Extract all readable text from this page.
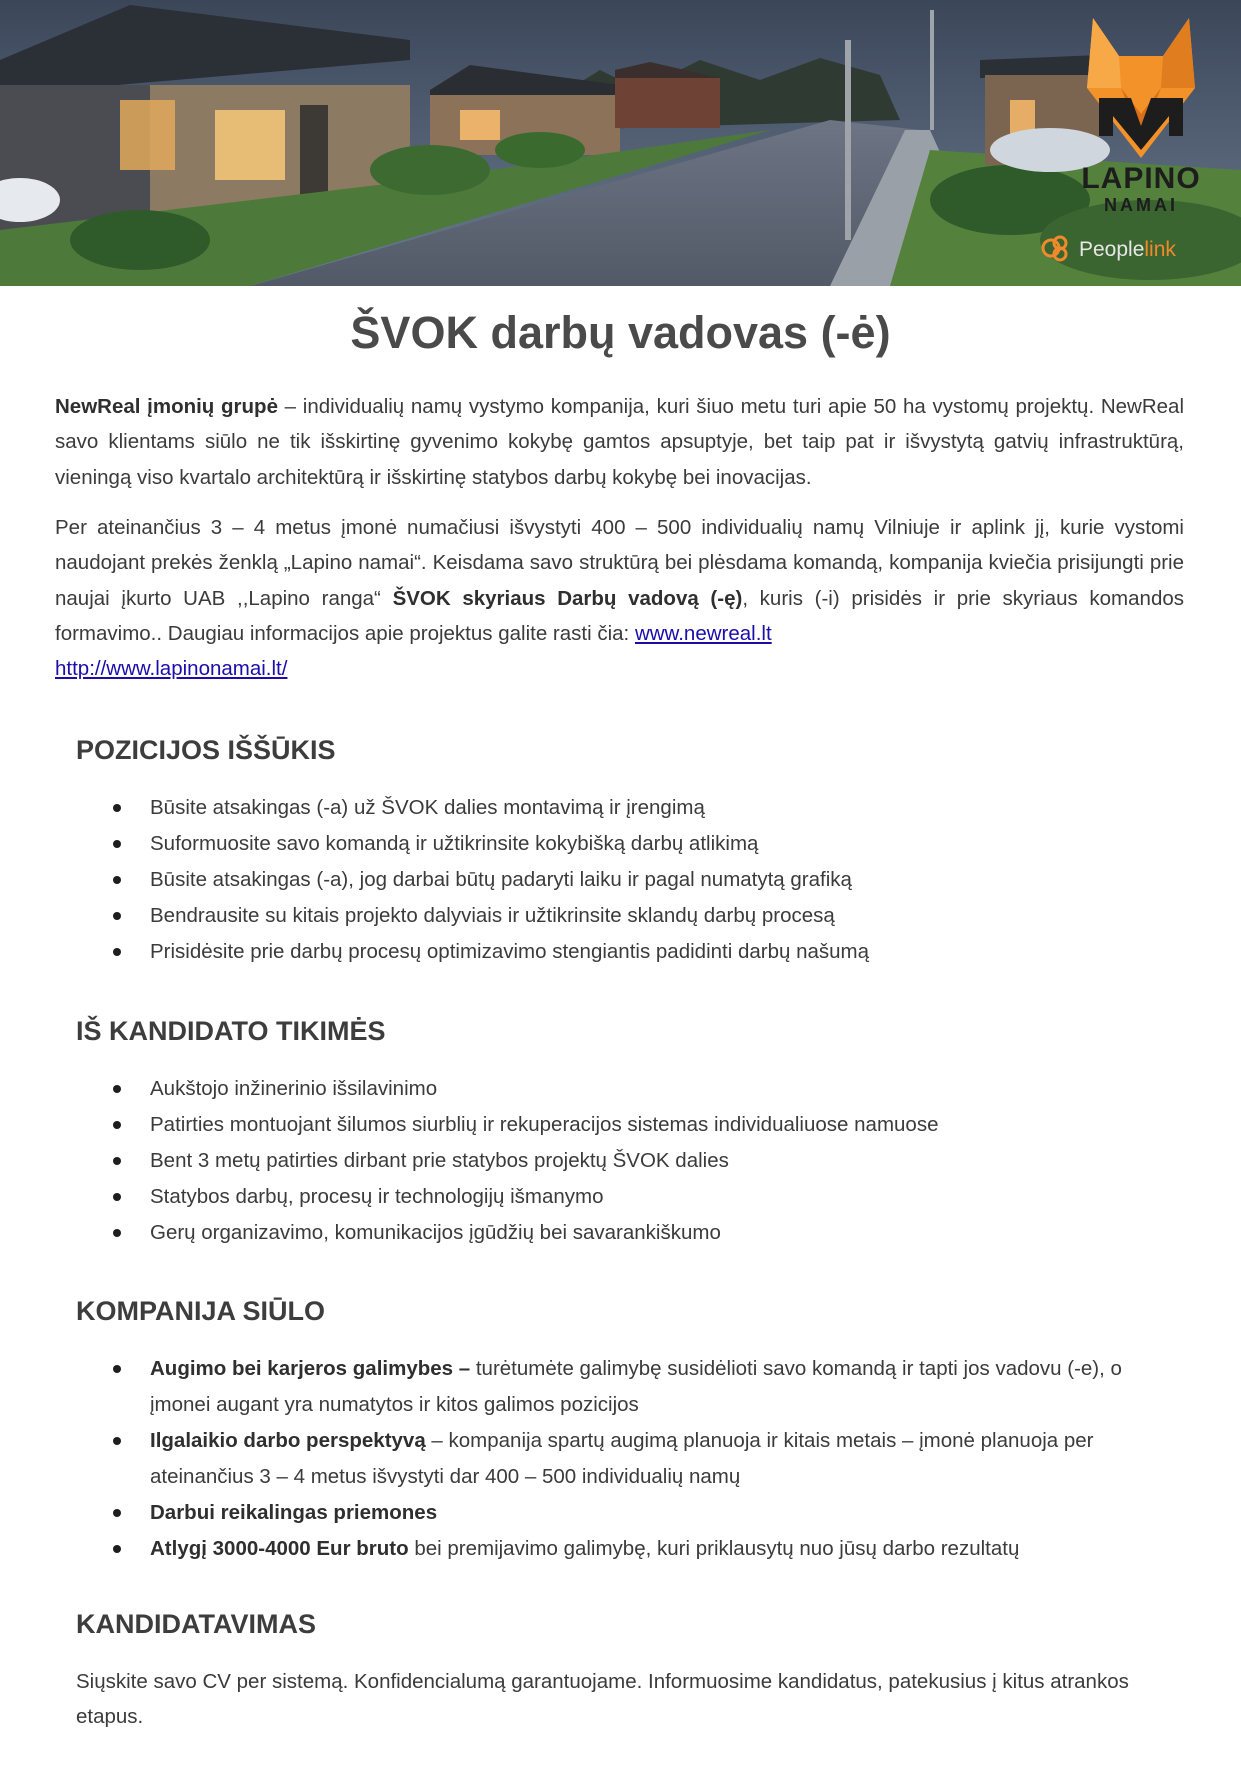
LAPINO
NAMAI
Peoplelink
ŠVOK darbų vadovas (-ė)
NewReal įmonių grupė – individualių namų vystymo kompanija, kuri šiuo metu turi apie 50 ha vystomų projektų. NewReal savo klientams siūlo ne tik išskirtinę gyvenimo kokybę gamtos apsuptyje, bet taip pat ir išvystytą gatvių infrastruktūrą, vieningą viso kvartalo architektūrą ir išskirtinę statybos darbų kokybę bei inovacijas.
Per ateinančius 3 – 4 metus įmonė numačiusi išvystyti 400 – 500 individualių namų Vilniuje ir aplink jį, kurie vystomi naudojant prekės ženklą „Lapino namai“. Keisdama savo struktūrą bei plėsdama komandą, kompanija kviečia prisijungti prie naujai įkurto UAB ,,Lapino ranga“ ŠVOK skyriaus Darbų vadovą (-ę), kuris (-i) prisidės ir prie skyriaus komandos formavimo.. Daugiau informacijos apie projektus galite rasti čia: www.newreal.lt
http://www.lapinonamai.lt/
POZICIJOS IŠŠŪKIS
Būsite atsakingas (-a) už ŠVOK dalies montavimą ir įrengimą
Suformuosite savo komandą ir užtikrinsite kokybišką darbų atlikimą
Būsite atsakingas (-a), jog darbai būtų padaryti laiku ir pagal numatytą grafiką
Bendrausite su kitais projekto dalyviais ir užtikrinsite sklandų darbų procesą
Prisidėsite prie darbų procesų optimizavimo stengiantis padidinti darbų našumą
IŠ KANDIDATO TIKIMĖS
Aukštojo inžinerinio išsilavinimo
Patirties montuojant šilumos siurblių ir rekuperacijos sistemas individualiuose namuose
Bent 3 metų patirties dirbant prie statybos projektų ŠVOK dalies
Statybos darbų, procesų ir technologijų išmanymo
Gerų organizavimo, komunikacijos įgūdžių bei savarankiškumo
KOMPANIJA SIŪLO
Augimo bei karjeros galimybes – turėtumėte galimybę susidėlioti savo komandą ir tapti jos vadovu (-e), o įmonei augant yra numatytos ir kitos galimos pozicijos
Ilgalaikio darbo perspektyvą – kompanija spartų augimą planuoja ir kitais metais – įmonė planuoja per ateinančius 3 – 4 metus išvystyti dar 400 – 500 individualių namų
Darbui reikalingas priemones
Atlygį 3000-4000 Eur bruto bei premijavimo galimybę, kuri priklausytų nuo jūsų darbo rezultatų
KANDIDATAVIMAS
Siųskite savo CV per sistemą. Konfidencialumą garantuojame. Informuosime kandidatus, patekusius į kitus atrankos etapus.
